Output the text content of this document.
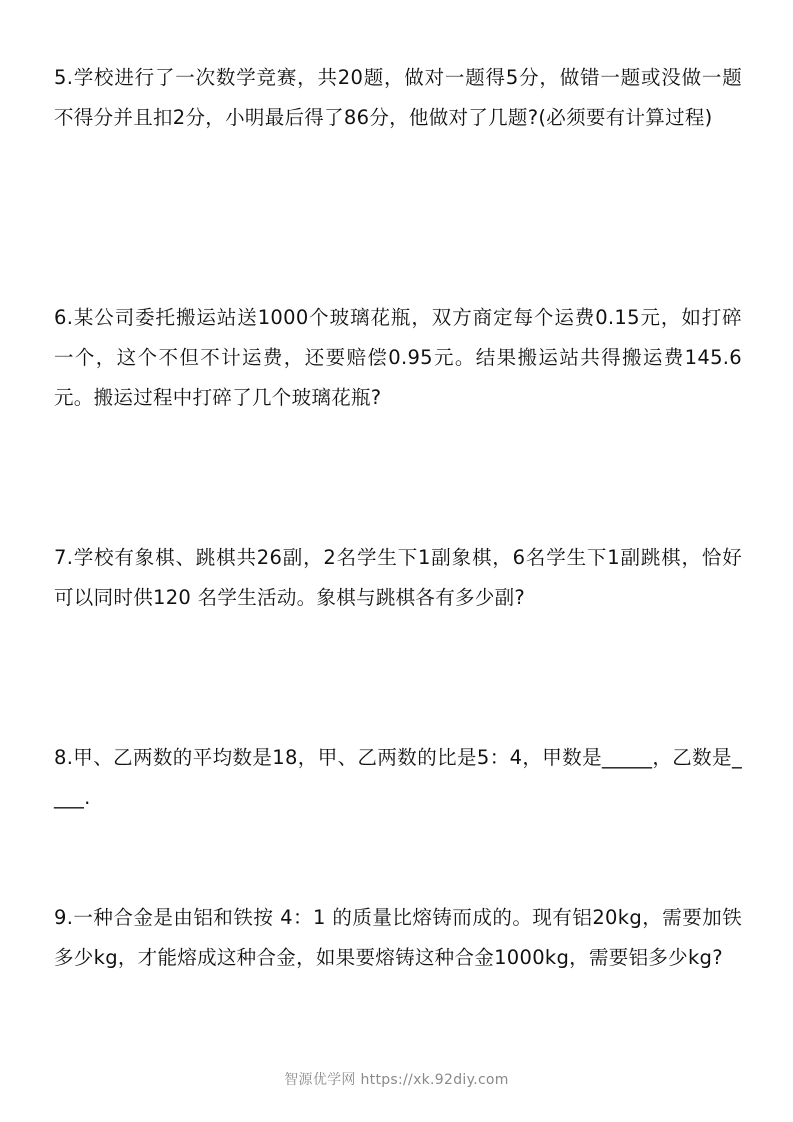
5.学校进行了一次数学竞赛，共20题，做对一题得5分，做错一题或没做一题不得分并且扣2分，小明最后得了86分，他做对了几题?(必须要有计算过程)
6.某公司委托搬运站送1000个玻璃花瓶，双方商定每个运费0.15元，如打碎一个，这个不但不计运费，还要赔偿0.95元。结果搬运站共得搬运费145.6 元。搬运过程中打碎了几个玻璃花瓶?
7.学校有象棋、跳棋共26副，2名学生下1副象棋，6名学生下1副跳棋，恰好可以同时供120 名学生活动。象棋与跳棋各有多少副?
8.甲、乙两数的平均数是18，甲、乙两数的比是5：4，甲数是_____，乙数是____.
9.一种合金是由铝和铁按 4：1 的质量比熔铸而成的。现有铝20kg，需要加铁多少kg，才能熔成这种合金，如果要熔铸这种合金1000kg，需要铝多少kg?
智源优学网 https://xk.92diy.com
